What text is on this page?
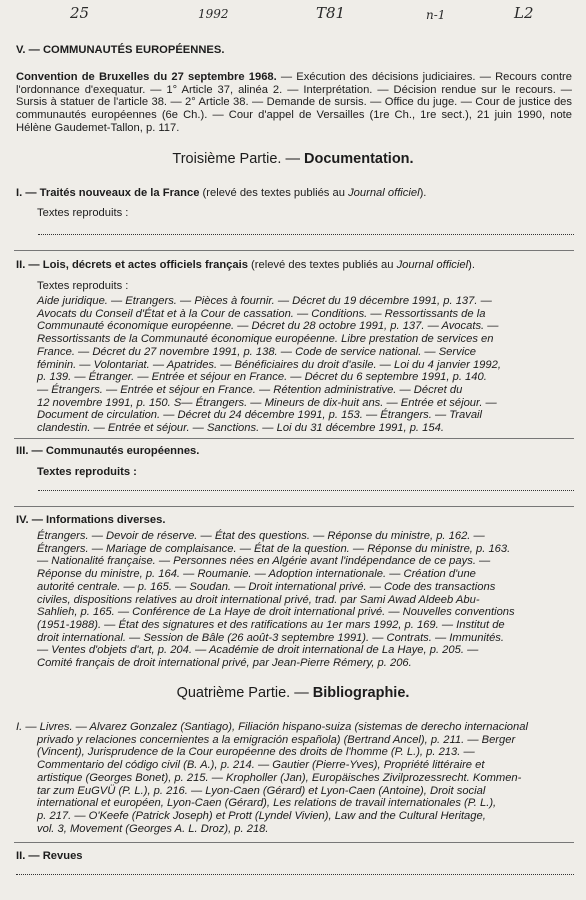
25	1992	T81	n-1	L2
V. — COMMUNAUTÉS EUROPÉENNES.
Convention de Bruxelles du 27 septembre 1968. — Exécution des décisions judiciaires. — Recours contre l'ordonnance d'exequatur. — 1° Article 37, alinéa 2. — Interprétation. — Décision rendue sur le recours. — Sursis à statuer de l'article 38. — 2° Article 38. — Demande de sursis. — Office du juge. — Cour de justice des communautés européennes (6e Ch.). — Cour d'appel de Versailles (1re Ch., 1re sect.), 21 juin 1990, note Hélène Gaudemet-Tallon, p. 117.
Troisième Partie. — Documentation.
I. — Traités nouveaux de la France (relevé des textes publiés au Journal officiel).
Textes reproduits :
II. — Lois, décrets et actes officiels français (relevé des textes publiés au Journal officiel).
Textes reproduits :
Aide juridique. — Etrangers. — Pièces à fournir. — Décret du 19 décembre 1991, p. 137. —
Avocats du Conseil d'État et à la Cour de cassation. — Conditions. — Ressortissants de la
Communauté économique européenne. — Décret du 28 octobre 1991, p. 137. — Avocats. —
Ressortissants de la Communauté économique européenne. Libre prestation de services en
France. — Décret du 27 novembre 1991, p. 138. — Code de service national. — Service
féminin. — Volontariat. — Apatrides. — Bénéficiaires du droit d'asile. — Loi du 4 janvier 1992,
p. 139. — Étranger. — Entrée et séjour en France. — Décret du 6 septembre 1991, p. 140.
— Étrangers. — Entrée et séjour en France. — Rétention administrative. — Décret du
12 novembre 1991, p. 150. S— Étrangers. — Mineurs de dix-huit ans. — Entrée et séjour. —
Document de circulation. — Décret du 24 décembre 1991, p. 153. — Étrangers. — Travail
clandestin. — Entrée et séjour. — Sanctions. — Loi du 31 décembre 1991, p. 154.
III. — Communautés européennes.
Textes reproduits :
IV. — Informations diverses.
Étrangers. — Devoir de réserve. — État des questions. — Réponse du ministre, p. 162. —
Étrangers. — Mariage de complaisance. — État de la question. — Réponse du ministre, p. 163.
— Nationalité française. — Personnes nées en Algérie avant l'indépendance de ce pays. —
Réponse du ministre, p. 164. — Roumanie. — Adoption internationale. — Création d'une
autorité centrale. — p. 165. — Soudan. — Droit international privé. — Code des transactions
civiles, dispositions relatives au droit international privé, trad. par Sami Awad Aldeeb Abu-
Sahlieh, p. 165. — Conférence de La Haye de droit international privé. — Nouvelles conventions
(1951-1988). — État des signatures et des ratifications au 1er mars 1992, p. 169. — Institut de
droit international. — Session de Bâle (26 août-3 septembre 1991). — Contrats. — Immunités.
— Ventes d'objets d'art, p. 204. — Académie de droit international de La Haye, p. 205. —
Comité français de droit international privé, par Jean-Pierre Rémery, p. 206.
Quatrième Partie. — Bibliographie.
I. — Livres. — Alvarez Gonzalez (Santiago), Filiación hispano-suiza (sistemas de derecho internacional
privado y relaciones concernientes a la emigración española) (Bertrand Ancel), p. 211. — Berger
(Vincent), Jurisprudence de la Cour européenne des droits de l'homme (P. L.), p. 213. —
Commentario del código civil (B. A.), p. 214. — Gautier (Pierre-Yves), Propriété littéraire et
artistique (Georges Bonet), p. 215. — Kropholler (Jan), Europäisches Zivilprozessrecht. Kommen-
tar zum EuGVÜ (P. L.), p. 216. — Lyon-Caen (Gérard) et Lyon-Caen (Antoine), Droit social
international et européen, Lyon-Caen (Gérard), Les relations de travail internationales (P. L.),
p. 217. — O'Keefe (Patrick Joseph) et Prott (Lyndel Vivien), Law and the Cultural Heritage,
vol. 3, Movement (Georges A. L. Droz), p. 218.
II. — Revues
